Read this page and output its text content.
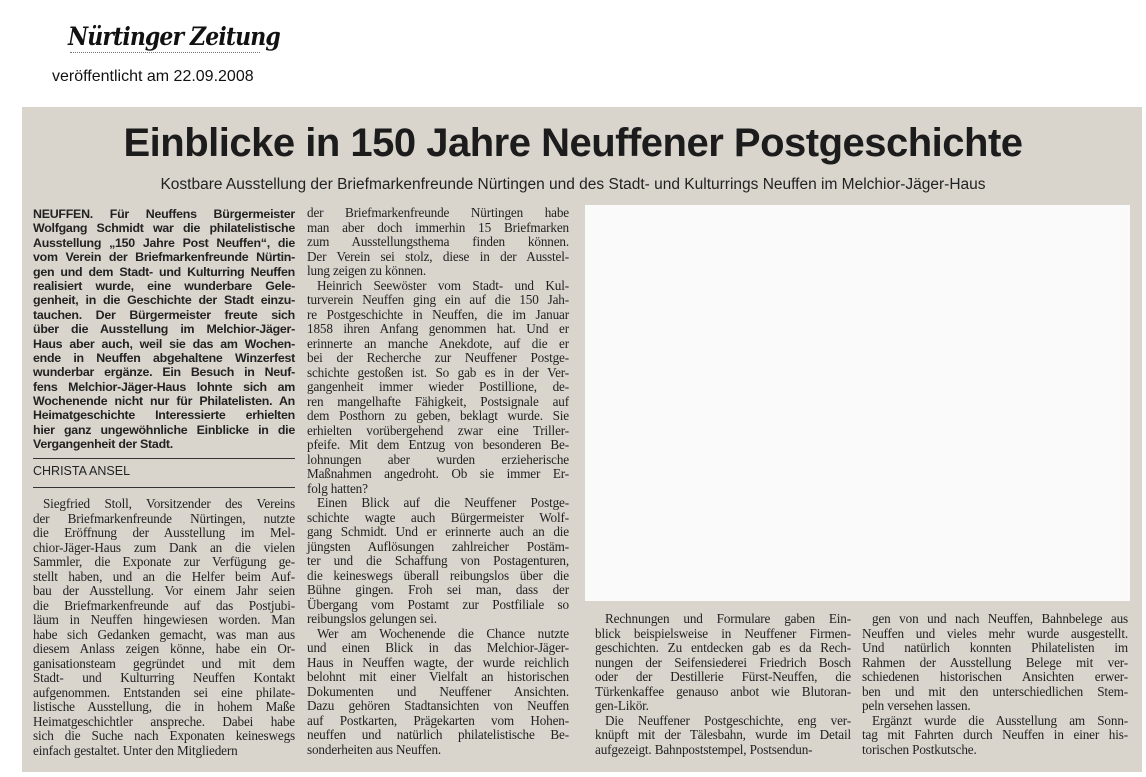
Nürtinger Zeitung
veröffentlicht am 22.09.2008
Einblicke in 150 Jahre Neuffener Postgeschichte
Kostbare Ausstellung der Briefmarkenfreunde Nürtingen und des Stadt- und Kulturrings Neuffen im Melchior-Jäger-Haus
NEUFFEN. Für Neuffens Bürgermeister
Wolfgang Schmidt war die philatelistische
Ausstellung „150 Jahre Post Neuffen“, die
vom Verein der Briefmarkenfreunde Nürtin-
gen und dem Stadt- und Kulturring Neuffen
realisiert wurde, eine wunderbare Gele-
genheit, in die Geschichte der Stadt einzu-
tauchen. Der Bürgermeister freute sich
über die Ausstellung im Melchior-Jäger-
Haus aber auch, weil sie das am Wochen-
ende in Neuffen abgehaltene Winzerfest
wunderbar ergänze. Ein Besuch in Neuf-
fens Melchior-Jäger-Haus lohnte sich am
Wochenende nicht nur für Philatelisten. An
Heimatgeschichte Interessierte erhielten
hier ganz ungewöhnliche Einblicke in die
Vergangenheit der Stadt.
CHRISTA ANSEL
Siegfried Stoll, Vorsitzender des Vereins
der Briefmarkenfreunde Nürtingen, nutzte
die Eröffnung der Ausstellung im Mel-
chior-Jäger-Haus zum Dank an die vielen
Sammler, die Exponate zur Verfügung ge-
stellt haben, und an die Helfer beim Auf-
bau der Ausstellung. Vor einem Jahr seien
die Briefmarkenfreunde auf das Postjubi-
läum in Neuffen hingewiesen worden. Man
habe sich Gedanken gemacht, was man aus
diesem Anlass zeigen könne, habe ein Or-
ganisationsteam gegründet und mit dem
Stadt- und Kulturring Neuffen Kontakt
aufgenommen. Entstanden sei eine philate-
listische Ausstellung, die in hohem Maße
Heimatgeschichtler anspreche. Dabei habe
sich die Suche nach Exponaten keineswegs
einfach gestaltet. Unter den Mitgliedern
der Briefmarkenfreunde Nürtingen habe
man aber doch immerhin 15 Briefmarken
zum Ausstellungsthema finden können.
Der Verein sei stolz, diese in der Ausstel-
lung zeigen zu können.
Heinrich Seewöster vom Stadt- und Kul-
turverein Neuffen ging ein auf die 150 Jah-
re Postgeschichte in Neuffen, die im Januar
1858 ihren Anfang genommen hat. Und er
erinnerte an manche Anekdote, auf die er
bei der Recherche zur Neuffener Postge-
schichte gestoßen ist. So gab es in der Ver-
gangenheit immer wieder Postillione, de-
ren mangelhafte Fähigkeit, Postsignale auf
dem Posthorn zu geben, beklagt wurde. Sie
erhielten vorübergehend zwar eine Triller-
pfeife. Mit dem Entzug von besonderen Be-
lohnungen aber wurden erzieherische
Maßnahmen angedroht. Ob sie immer Er-
folg hatten?
Einen Blick auf die Neuffener Postge-
schichte wagte auch Bürgermeister Wolf-
gang Schmidt. Und er erinnerte auch an die
jüngsten Auflösungen zahlreicher Postäm-
ter und die Schaffung von Postagenturen,
die keineswegs überall reibungslos über die
Bühne gingen. Froh sei man, dass der
Übergang vom Postamt zur Postfiliale so
reibungslos gelungen sei.
Wer am Wochenende die Chance nutzte
und einen Blick in das Melchior-Jäger-
Haus in Neuffen wagte, der wurde reichlich
belohnt mit einer Vielfalt an historischen
Dokumenten und Neuffener Ansichten.
Dazu gehören Stadtansichten von Neuffen
auf Postkarten, Prägekarten vom Hohen-
neuffen und natürlich philatelistische Be-
sonderheiten aus Neuffen.
Rechnungen und Formulare gaben Ein-
blick beispielsweise in Neuffener Firmen-
geschichten. Zu entdecken gab es da Rech-
nungen der Seifensiederei Friedrich Bosch
oder der Destillerie Fürst-Neuffen, die
Türkenkaffee genauso anbot wie Blutoran-
gen-Likör.
Die Neuffener Postgeschichte, eng ver-
knüpft mit der Tälesbahn, wurde im Detail
aufgezeigt. Bahnpoststempel, Postsendun-
gen von und nach Neuffen, Bahnbelege aus
Neuffen und vieles mehr wurde ausgestellt.
Und natürlich konnten Philatelisten im
Rahmen der Ausstellung Belege mit ver-
schiedenen historischen Ansichten erwer-
ben und mit den unterschiedlichen Stem-
peln versehen lassen.
Ergänzt wurde die Ausstellung am Sonn-
tag mit Fahrten durch Neuffen in einer his-
torischen Postkutsche.
